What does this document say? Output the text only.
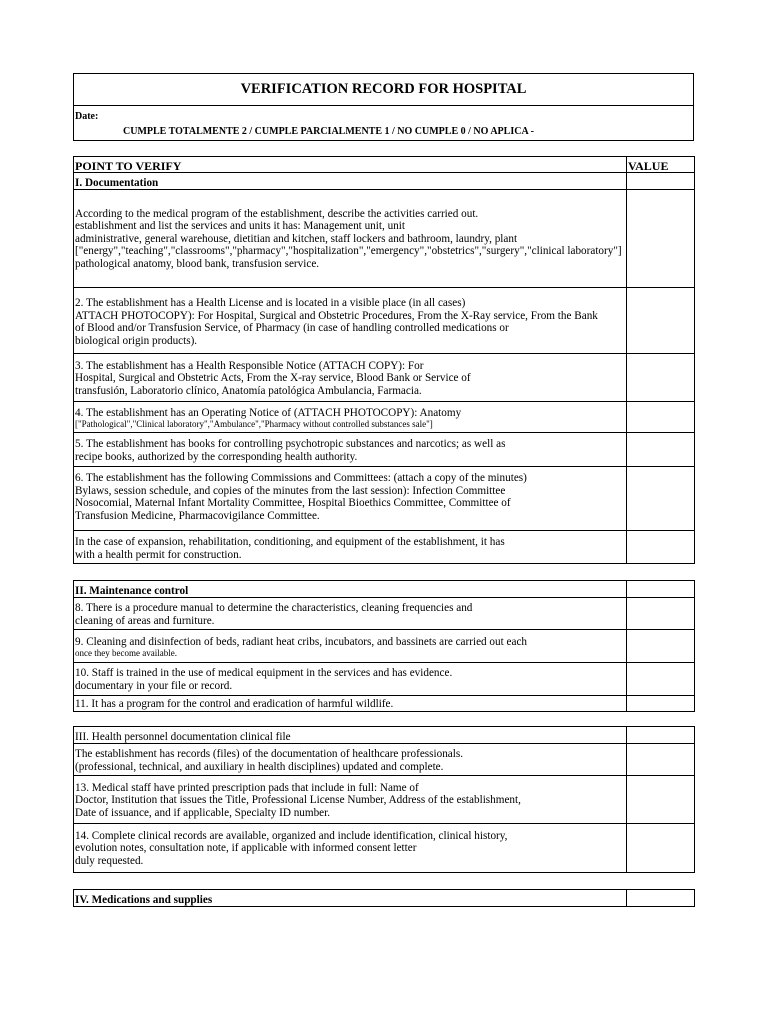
VERIFICATION RECORD FOR HOSPITAL
Date:
CUMPLE TOTALMENTE 2 / CUMPLE PARCIALMENTE 1 / NO CUMPLE 0 / NO APLICA -
POINT TO VERIFY	VALUE
I. Documentation	

According to the medical program of the establishment, describe the activities carried out.
establishment and list the services and units it has: Management unit, unit
administrative, general warehouse, dietitian and kitchen, staff lockers and bathroom, laundry, plant
["energy","teaching","classrooms","pharmacy","hospitalization","emergency","obstetrics","surgery","clinical laboratory"]
pathological anatomy, blood bank, transfusion service.	

2. The establishment has a Health License and is located in a visible place (in all cases)
ATTACH PHOTOCOPY): For Hospital, Surgical and Obstetric Procedures, From the X-Ray service, From the Bank
of Blood and/or Transfusion Service, of Pharmacy (in case of handling controlled medications or
biological origin products).	

3. The establishment has a Health Responsible Notice (ATTACH COPY): For
Hospital, Surgical and Obstetric Acts, From the X-ray service, Blood Bank or Service of
transfusión, Laboratorio clínico, Anatomía patológica Ambulancia, Farmacia.	

4. The establishment has an Operating Notice of (ATTACH PHOTOCOPY): Anatomy
["Pathological","Clinical laboratory","Ambulance","Pharmacy without controlled substances sale"]	

5. The establishment has books for controlling psychotropic substances and narcotics; as well as
recipe books, authorized by the corresponding health authority.	

6. The establishment has the following Commissions and Committees: (attach a copy of the minutes)
Bylaws, session schedule, and copies of the minutes from the last session): Infection Committee
Nosocomial, Maternal Infant Mortality Committee, Hospital Bioethics Committee, Committee of
Transfusion Medicine, Pharmacovigilance Committee.	

In the case of expansion, rehabilitation, conditioning, and equipment of the establishment, it has
with a health permit for construction.	

II. Maintenance control	

8. There is a procedure manual to determine the characteristics, cleaning frequencies and
cleaning of areas and furniture.	

9. Cleaning and disinfection of beds, radiant heat cribs, incubators, and bassinets are carried out each
once they become available.	

10. Staff is trained in the use of medical equipment in the services and has evidence.
documentary in your file or record.	

11. It has a program for the control and eradication of harmful wildlife.	

III. Health personnel documentation clinical file	

The establishment has records (files) of the documentation of healthcare professionals.
(professional, technical, and auxiliary in health disciplines) updated and complete.	

13. Medical staff have printed prescription pads that include in full: Name of
Doctor, Institution that issues the Title, Professional License Number, Address of the establishment,
Date of issuance, and if applicable, Specialty ID number.	

14. Complete clinical records are available, organized and include identification, clinical history,
evolution notes, consultation note, if applicable with informed consent letter
duly requested.	

IV. Medications and supplies	
